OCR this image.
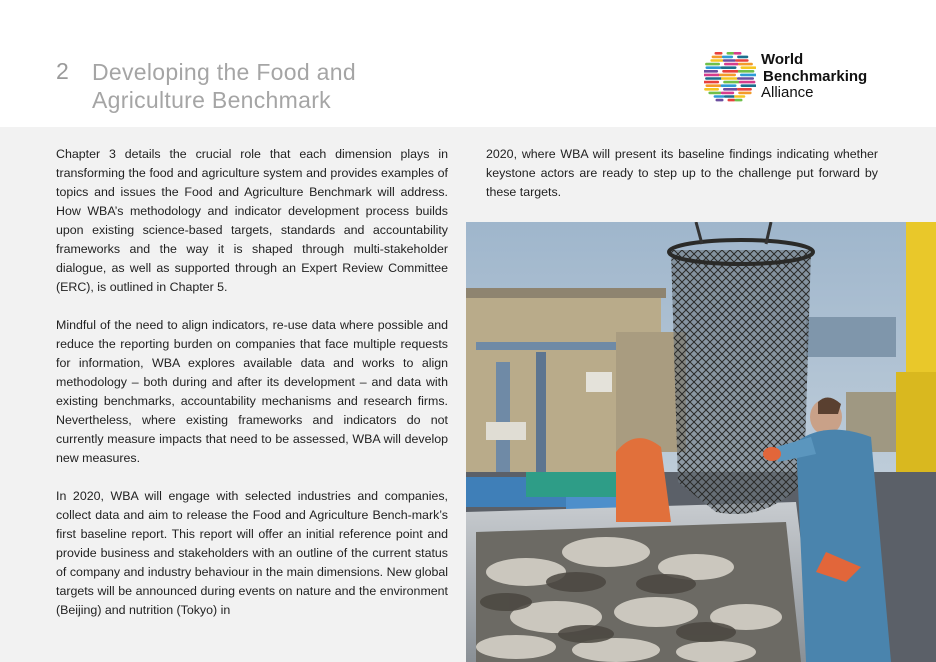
2 Developing the Food and Agriculture Benchmark
World
Benchmarking
Alliance

Chapter 3 details the crucial role that each dimension plays in transforming the food and agriculture system and provides examples of topics and issues the Food and Agriculture Benchmark will address. How WBA’s methodology and indicator development process builds upon existing science-based targets, standards and accountability frameworks and the way it is shaped through multi-stakeholder dialogue, as well as supported through an Expert Review Committee (ERC), is outlined in Chapter 5.

Mindful of the need to align indicators, re-use data where possible and reduce the reporting burden on companies that face multiple requests for information, WBA explores available data and works to align methodology – both during and after its development – and data with existing benchmarks, accountability mechanisms and research firms. Nevertheless, where existing frameworks and indicators do not currently measure impacts that need to be assessed, WBA will develop new measures.

In 2020, WBA will engage with selected industries and companies, collect data and aim to release the Food and Agriculture Bench-mark’s first baseline report. This report will offer an initial reference point and provide business and stakeholders with an outline of the current status of company and industry behaviour in the main dimensions. New global targets will be announced during events on nature and the environment (Beijing) and nutrition (Tokyo) in

2020, where WBA will present its baseline findings indicating whether keystone actors are ready to step up to the challenge put forward by these targets.
